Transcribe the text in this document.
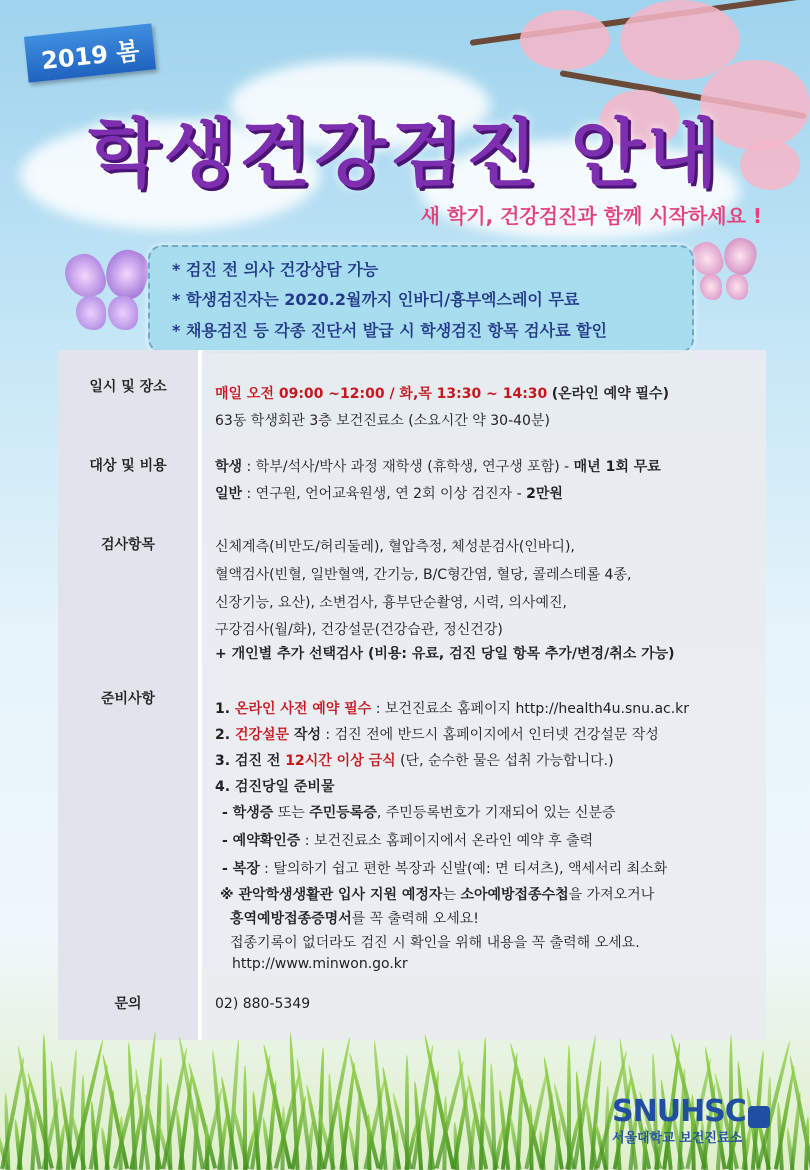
2019 봄
학생건강검진 안내
새 학기, 건강검진과 함께 시작하세요 !
* 검진 전 의사 건강상담 가능
* 학생검진자는 2020.2월까지 인바디/흉부엑스레이 무료
* 채용검진 등 각종 진단서 발급 시 학생검진 항목 검사료 할인
일시 및 장소	매일 오전 09:00 ~12:00 / 화,목 13:30 ~ 14:30 (온라인 예약 필수)
63동 학생회관 3층 보건진료소 (소요시간 약 30-40분)
대상 및 비용	학생 : 학부/석사/박사 과정 재학생 (휴학생, 연구생 포함) - 매년 1회 무료
일반 : 연구원, 언어교육원생, 연 2회 이상 검진자 - 2만원
검사항목	신체계측(비만도/허리둘레), 혈압측정, 체성분검사(인바디),
혈액검사(빈혈, 일반혈액, 간기능, B/C형간염, 혈당, 콜레스테롤 4종,
신장기능, 요산), 소변검사, 흉부단순촬영, 시력, 의사예진,
구강검사(월/화), 건강설문(건강습관, 정신건강)
+ 개인별 추가 선택검사 (비용: 유료, 검진 당일 항목 추가/변경/취소 가능)
준비사항
1. 온라인 사전 예약 필수 : 보건진료소 홈페이지 http://health4u.snu.ac.kr
2. 건강설문 작성 : 검진 전에 반드시 홈페이지에서 인터넷 건강설문 작성
3. 검진 전 12시간 이상 금식 (단, 순수한 물은 섭취 가능합니다.)
4. 검진당일 준비물
- 학생증 또는 주민등록증, 주민등록번호가 기재되어 있는 신분증
- 예약확인증 : 보건진료소 홈페이지에서 온라인 예약 후 출력
- 복장 : 탈의하기 쉽고 편한 복장과 신발(예: 면 티셔츠), 액세서리 최소화
※ 관악학생생활관 입사 지원 예정자는 소아예방접종수첩을 가져오거나
홍역예방접종증명서를 꼭 출력해 오세요!
접종기록이 없더라도 검진 시 확인을 위해 내용을 꼭 출력해 오세요.
http://www.minwon.go.kr
문의	02) 880-5349
SNUHSC
서울대학교 보건진료소
